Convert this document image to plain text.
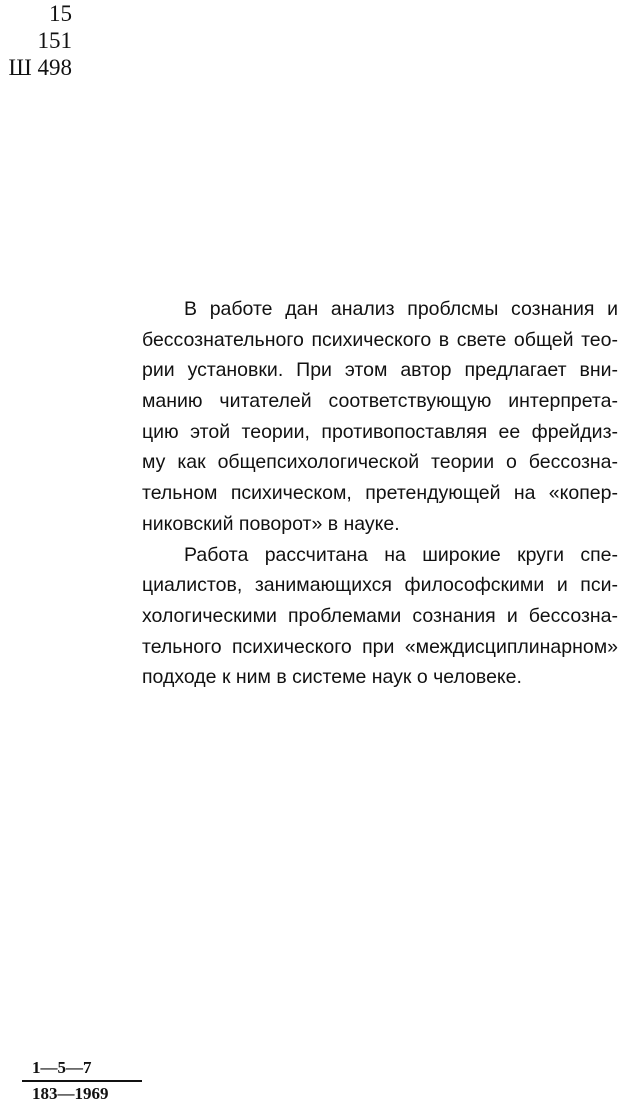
15
151
Ш 498
В работе дан анализ проблсмы сознания и
бессознательного психического в свете общей тео-
рии установки. При этом автор предлагает вни-
манию читателей соответствующую интерпрета-
цию этой теории, противопоставляя ее фрейдиз-
му как общепсихологической теории о бессозна-
тельном психическом, претендующей на «копер-
никовский поворот» в науке.
Работа рассчитана на широкие круги спе-
циалистов, занимающихся философскими и пси-
хологическими проблемами сознания и бессозна-
тельного психического при «междисциплинарном»
подходе к ним в системе наук о человеке.
1—5—7
183—1969
